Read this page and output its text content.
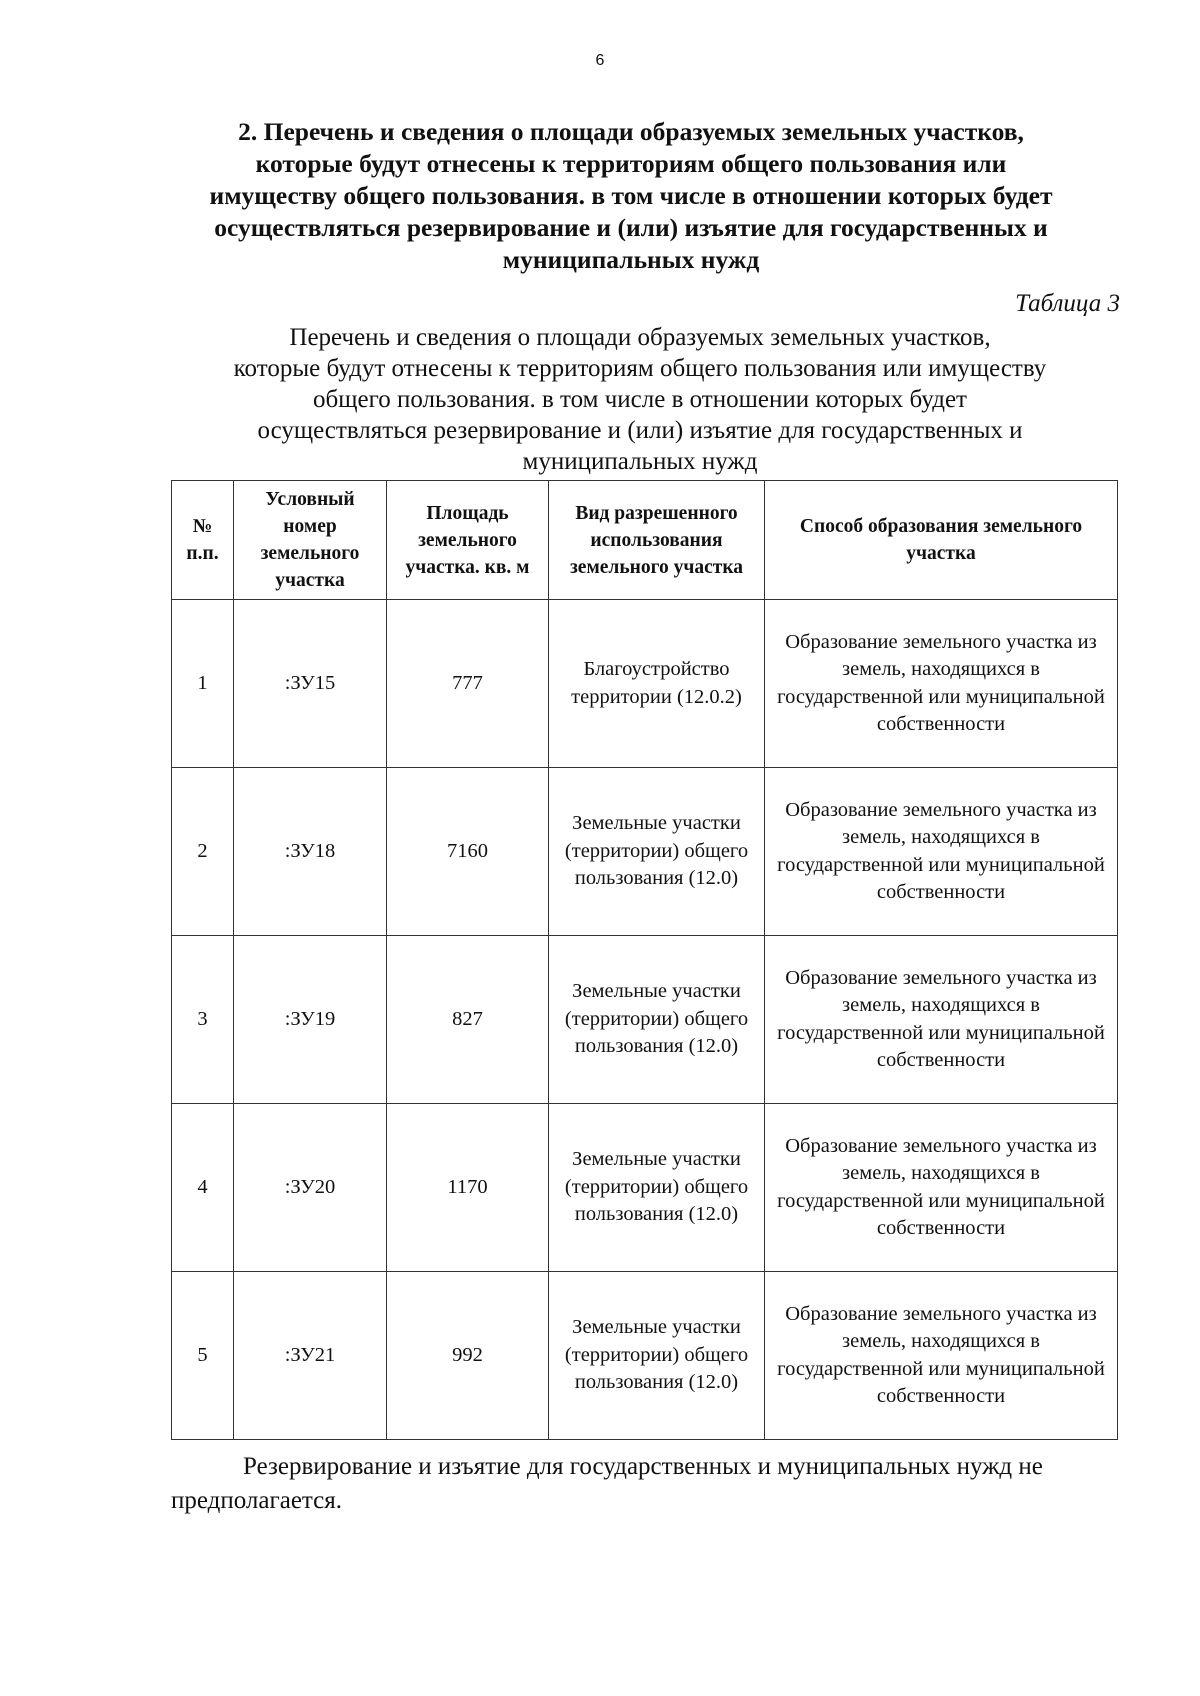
6
2. Перечень и сведения о площади образуемых земельных участков,
которые будут отнесены к территориям общего пользования или
имуществу общего пользования. в том числе в отношении которых будет
осуществляться резервирование и (или) изъятие для государственных и
муниципальных нужд
Таблица 3
Перечень и сведения о площади образуемых земельных участков,
которые будут отнесены к территориям общего пользования или имуществу
общего пользования. в том числе в отношении которых будет
осуществляться резервирование и (или) изъятие для государственных и
муниципальных нужд
№ п.п.	Условный номер земельного участка	Площадь земельного участка. кв. м	Вид разрешенного использования земельного участка	Способ образования земельного участка
1	:ЗУ15	777	Благоустройство территории (12.0.2)	Образование земельного участка из земель, находящихся в государственной или муниципальной собственности
2	:ЗУ18	7160	Земельные участки (территории) общего пользования (12.0)	Образование земельного участка из земель, находящихся в государственной или муниципальной собственности
3	:ЗУ19	827	Земельные участки (территории) общего пользования (12.0)	Образование земельного участка из земель, находящихся в государственной или муниципальной собственности
4	:ЗУ20	1170	Земельные участки (территории) общего пользования (12.0)	Образование земельного участка из земель, находящихся в государственной или муниципальной собственности
5	:ЗУ21	992	Земельные участки (территории) общего пользования (12.0)	Образование земельного участка из земель, находящихся в государственной или муниципальной собственности
Резервирование и изъятие для государственных и муниципальных нужд не предполагается.
